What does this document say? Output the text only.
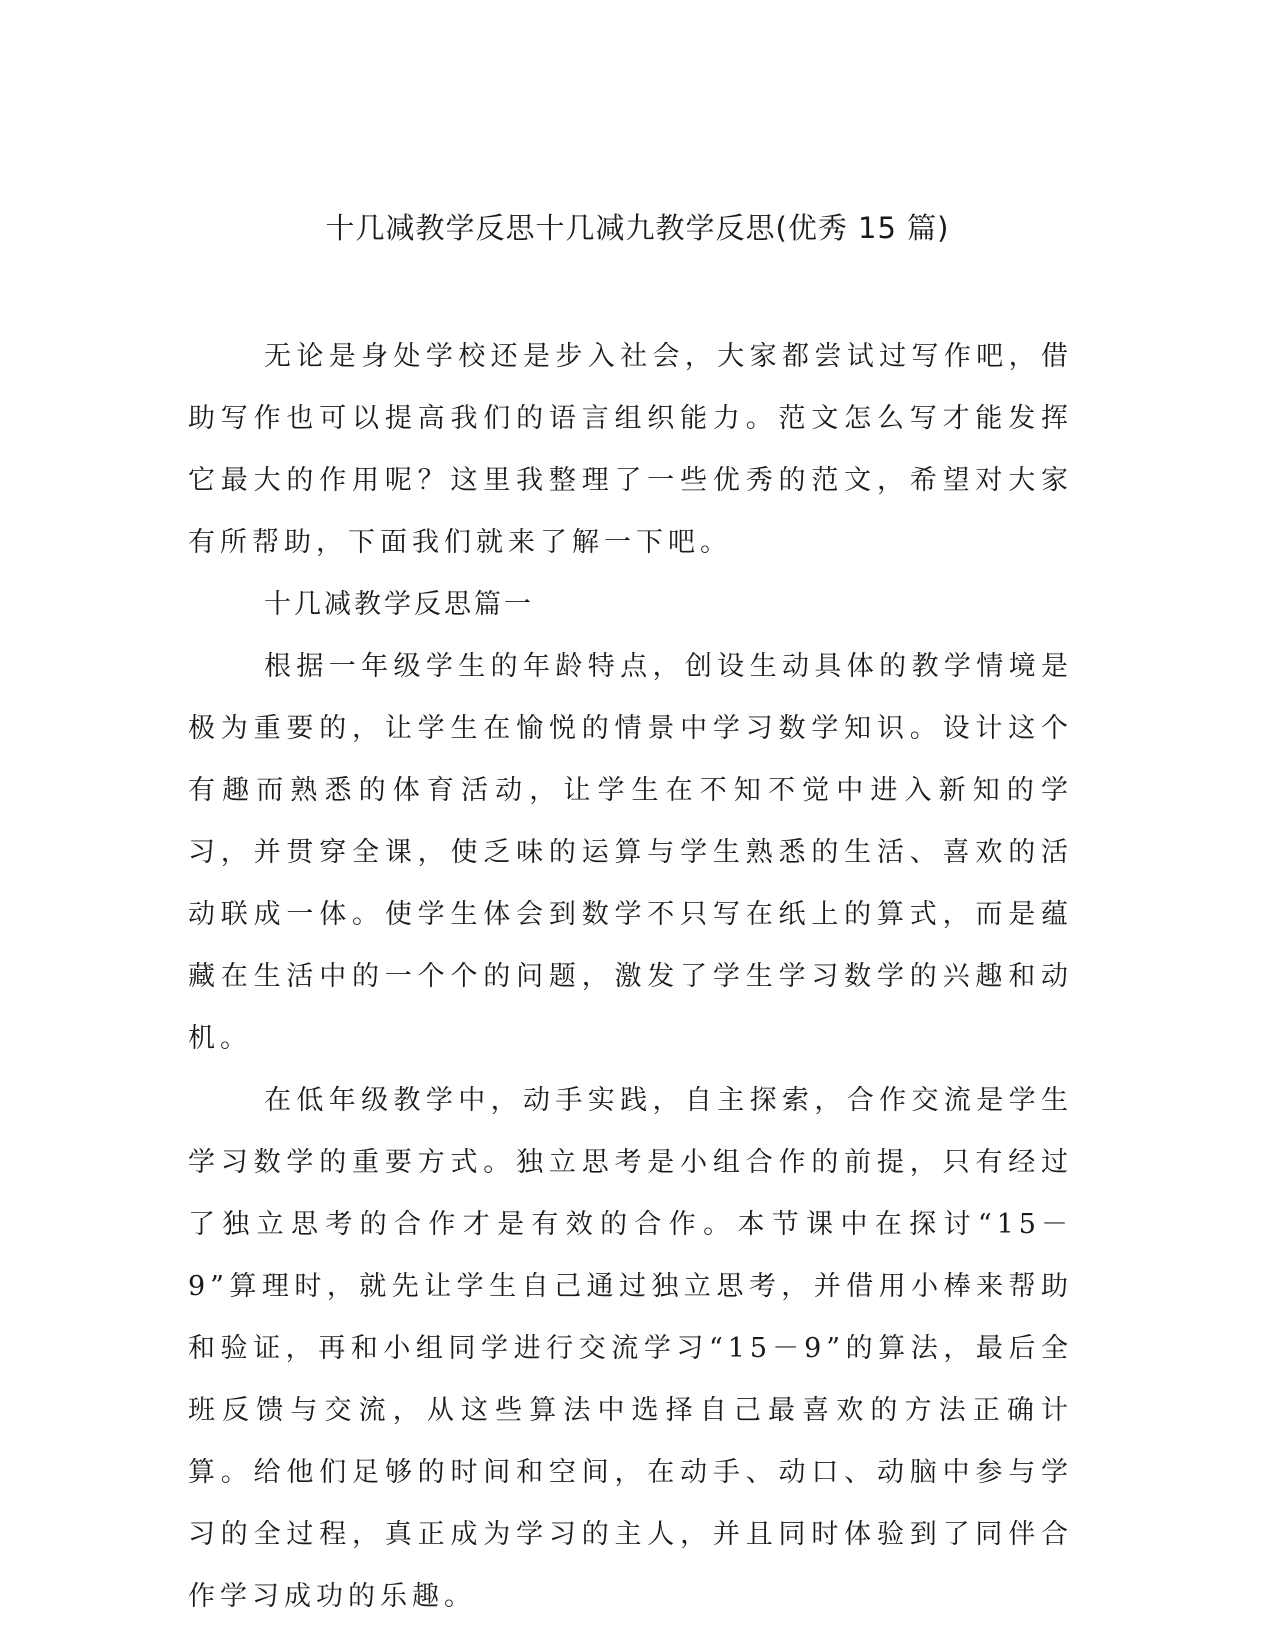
十几减教学反思十几减九教学反思(优秀 15 篇)

无论是身处学校还是步入社会，大家都尝试过写作吧，借助写作也可以提高我们的语言组织能力。范文怎么写才能发挥它最大的作用呢？这里我整理了一些优秀的范文，希望对大家有所帮助，下面我们就来了解一下吧。

十几减教学反思篇一

根据一年级学生的年龄特点，创设生动具体的教学情境是极为重要的，让学生在愉悦的情景中学习数学知识。设计这个有趣而熟悉的体育活动，让学生在不知不觉中进入新知的学习，并贯穿全课，使乏味的运算与学生熟悉的生活、喜欢的活动联成一体。使学生体会到数学不只写在纸上的算式，而是蕴藏在生活中的一个个的问题，激发了学生学习数学的兴趣和动机。

在低年级教学中，动手实践，自主探索，合作交流是学生学习数学的重要方式。独立思考是小组合作的前提，只有经过了独立思考的合作才是有效的合作。本节课中在探讨“15－9”算理时，就先让学生自己通过独立思考，并借用小棒来帮助和验证，再和小组同学进行交流学习“15－9”的算法，最后全班反馈与交流，从这些算法中选择自己最喜欢的方法正确计算。给他们足够的时间和空间，在动手、动口、动脑中参与学习的全过程，真正成为学习的主人，并且同时体验到了同伴合作学习成功的乐趣。
